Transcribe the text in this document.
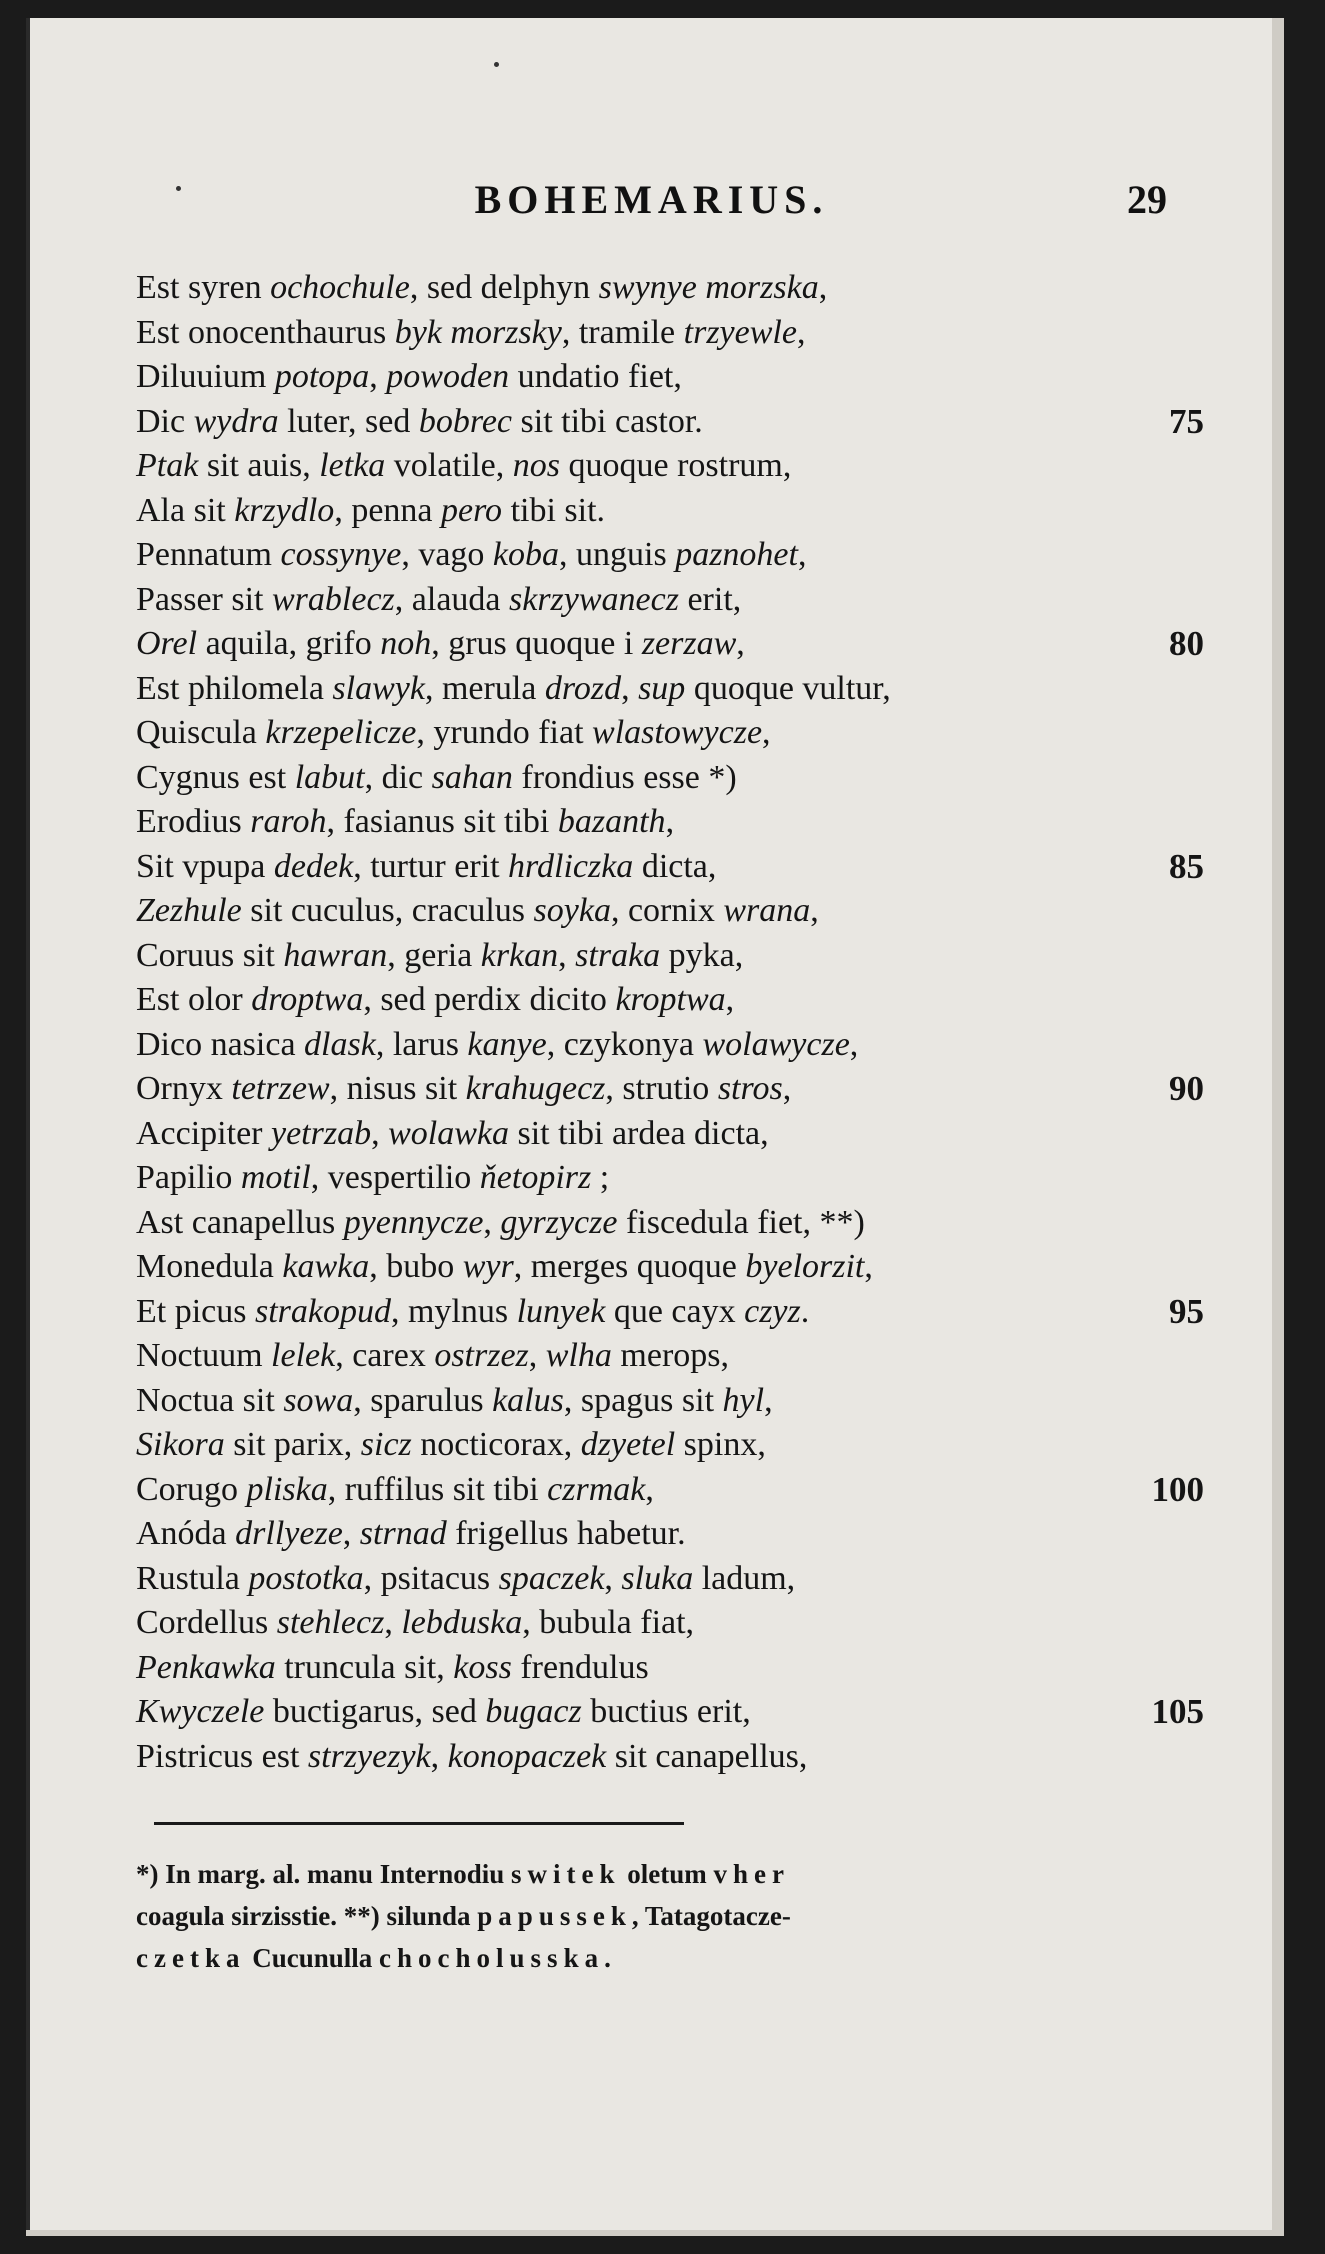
BOHEMARIUS.	29
Est syren ochochule, sed delphyn swynye morzska,
Est onocenthaurus byk morzsky, tramile trzyewle,
Diluuium potopa, powoden undatio fiet,
Dic wydra luter, sed bobrec sit tibi castor.	75
Ptak sit auis, letka volatile, nos quoque rostrum,
Ala sit krzydlo, penna pero tibi sit.
Pennatum cossynye, vago koba, unguis paznohet,
Passer sit wrablecz, alauda skrzywanecz erit,
Orel aquila, grifo noh, grus quoque i zerzaw,	80
Est philomela slawyk, merula drozd, sup quoque vultur,
Quiscula krzepelicze, yrundo fiat wlastowycze,
Cygnus est labut, dic sahan frondius esse *)
Erodius raroh, fasianus sit tibi bazanth,
Sit vpupa dedek, turtur erit hrdliczka dicta,	85
Zezhule sit cuculus, craculus soyka, cornix wrana,
Coruus sit hawran, geria krkan, straka pyka,
Est olor droptwa, sed perdix dicito kroptwa,
Dico nasica dlask, larus kanye, czykonya wolawycze,
Ornyx tetrzew, nisus sit krahugecz, strutio stros,	90
Accipiter yetrzab, wolawka sit tibi ardea dicta,
Papilio motil, vespertilio ňetopirz ;
Ast canapellus pyennycze, gyrzycze fiscedula fiet, **)
Monedula kawka, bubo wyr, merges quoque byelorzit,
Et picus strakopud, mylnus lunyek que cayx czyz.	95
Noctuum lelek, carex ostrzez, wlha merops,
Noctua sit sowa, sparulus kalus, spagus sit hyl,
Sikora sit parix, sicz nocticorax, dzyetel spinx,
Corugo pliska, ruffilus sit tibi czrmak,	100
Anóda drllyeze, strnad frigellus habetur.
Rustula postotka, psitacus spaczek, sluka ladum,
Cordellus stehlecz, lebduska, bubula fiat,
Penkawka truncula sit, koss frendulus
Kwyczele buctigarus, sed bugacz buctius erit,	105
Pistricus est strzyezyk, konopaczek sit canapellus,

*) In marg. al. manu Internodiu switek oletum vher

coagula sirzisstie. **) silunda papussek, Tatagotacze-

czetka Cucunulla chocholusska.
